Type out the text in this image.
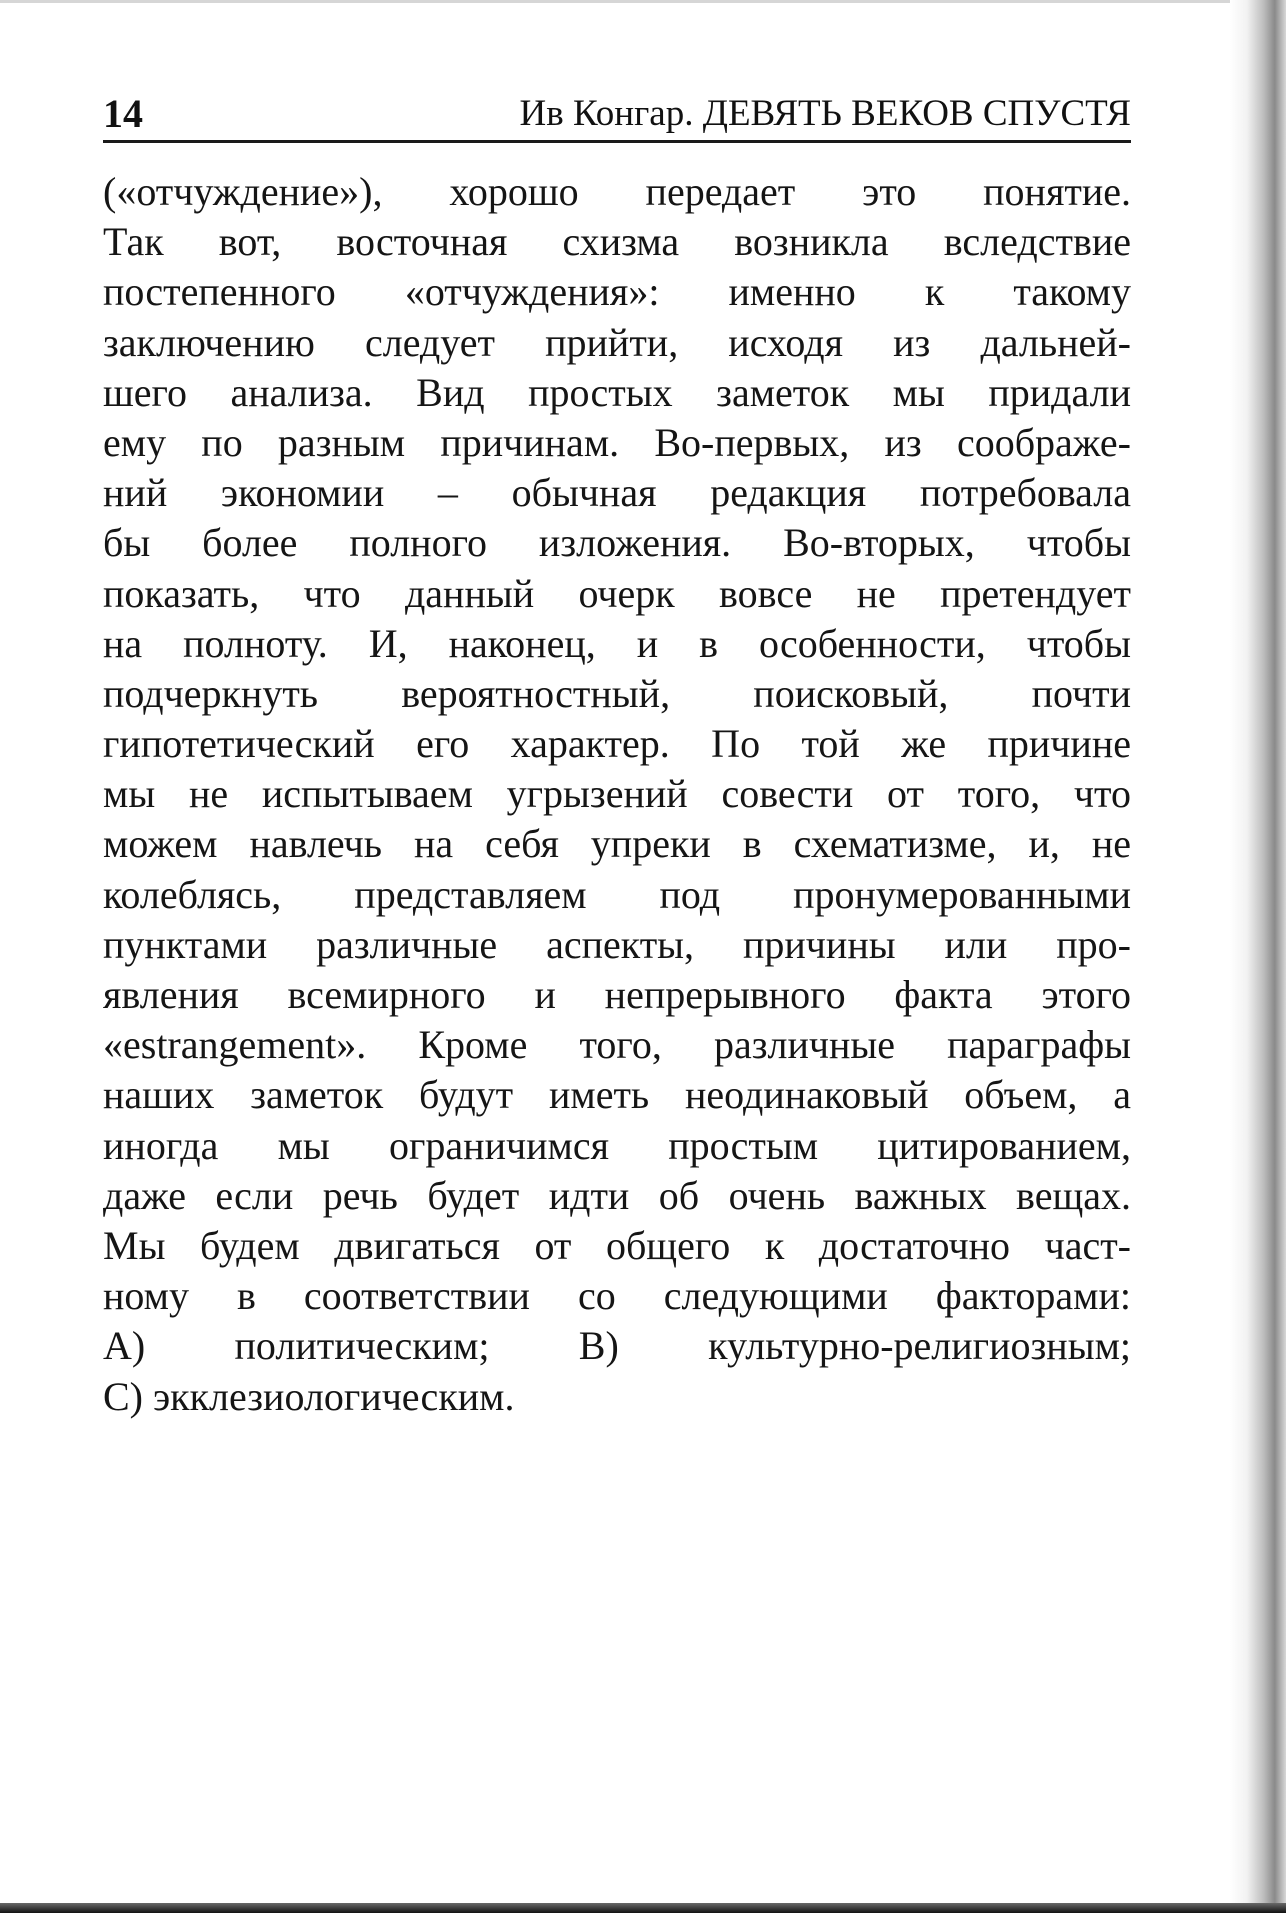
14	Ив Конгар. ДЕВЯТЬ ВЕКОВ СПУСТЯ
(«отчуждение»), хорошо передает это понятие.
Так вот, восточная схизма возникла вследствие
постепенного «отчуждения»: именно к такому
заключению следует прийти, исходя из дальней-
шего анализа. Вид простых заметок мы придали
ему по разным причинам. Во-первых, из соображе-
ний экономии – обычная редакция потребовала
бы более полного изложения. Во-вторых, чтобы
показать, что данный очерк вовсе не претендует
на полноту. И, наконец, и в особенности, чтобы
подчеркнуть вероятностный, поисковый, почти
гипотетический его характер. По той же причине
мы не испытываем угрызений совести от того, что
можем навлечь на себя упреки в схематизме, и, не
колеблясь, представляем под пронумерованными
пунктами различные аспекты, причины или про-
явления всемирного и непрерывного факта этого
«estrangement». Кроме того, различные параграфы
наших заметок будут иметь неодинаковый объем, а
иногда мы ограничимся простым цитированием,
даже если речь будет идти об очень важных вещах.
Мы будем двигаться от общего к достаточно част-
ному в соответствии со следующими факторами:
А) политическим; В) культурно-религиозным;
С) экклезиологическим.
